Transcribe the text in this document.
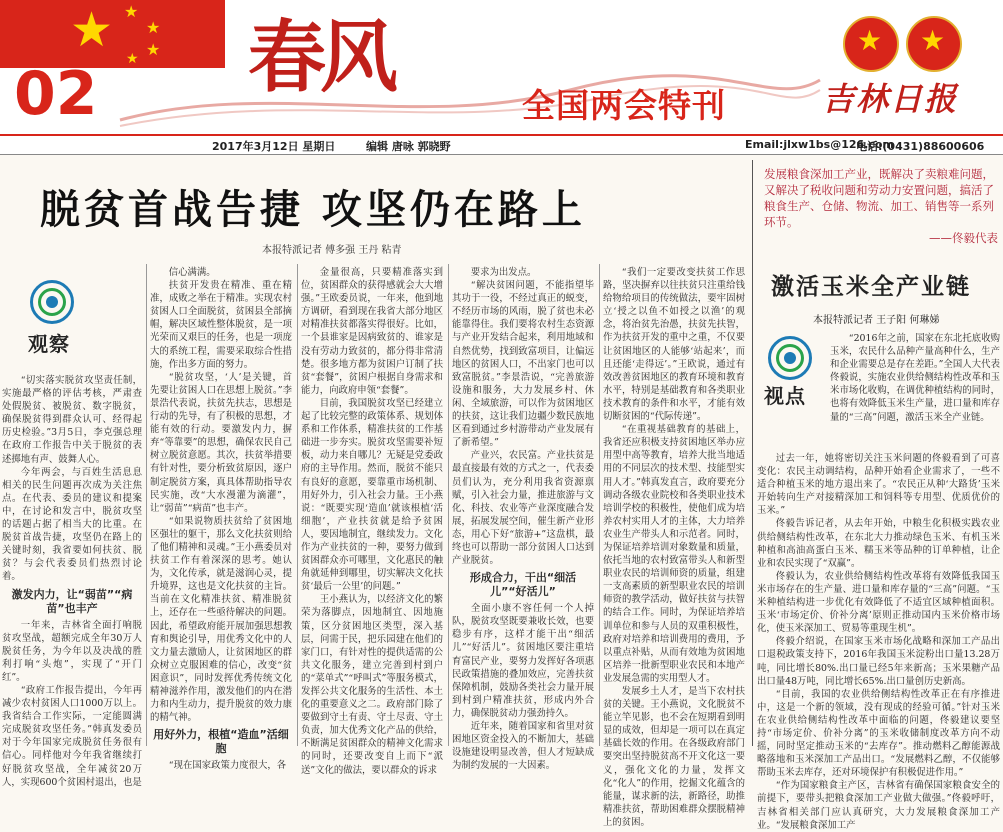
★ ★
★
★
★
02 春风
全国两会特刊
★ ★
吉林日报
2017年3月12日 星期日	编辑 唐咏 郭晓野	Email:jlxw1bs@126.com
电话:(0431)88600606
脱贫首战告捷 攻坚仍在路上
本报特派记者 傅多强 王丹 粘青
观察

“切实落实脱贫攻坚责任制，实施最严格的评估考核，严肃查处假脱贫、被脱贫、数字脱贫，确保脱贫得到群众认可、经得起历史检验。”3月5日，李克强总理在政府工作报告中关于脱贫的表述掷地有声、鼓舞人心。

今年两会，与百姓生活息息相关的民生问题再次成为关注焦点。在代表、委员的建议和提案中，在讨论和发言中，脱贫攻坚的话题占据了相当大的比重。在脱贫首战告捷，攻坚仍在路上的关键时刻，我省要如何扶贫、脱贫？与会代表委员们热烈讨论着。

激发内力，让“弱苗”“病苗”也丰产

一年来，吉林省全面打响脱贫攻坚战，超额完成全年30万人脱贫任务，为今年以及决战的胜利打响“头炮”，实现了“开门红”。

“政府工作报告提出，今年再减少农村贫困人口1000万以上。我省结合工作实际，一定能圆满完成脱贫攻坚任务。”韩真发委员对于今年国家完成脱贫任务很有信心。同样他对今年我省继续打好脱贫攻坚战，全年减贫20万人，实现600个贫困村退出，也是

信心满满。

扶贫开发贵在精准、重在精准，成败之举在于精准。实现农村贫困人口全面脱贫，贫困县全部摘帽，解决区域性整体脱贫，是一项光荣而又艰巨的任务，也是一项庞大的系统工程，需要采取综合性措施，作出多方面的努力。

“脱贫攻坚，‘人’是关键，首先要让贫困人口在思想上脱贫。”李景浩代表说，扶贫先扶志，思想是行动的先导，有了积极的思想，才能有效的行动。要激发内力，摒弃“等靠要”的思想，确保农民自己树立脱贫意愿。其次，扶贫举措要有针对性，要分析致贫原因，逐户制定脱贫方案，真具体帮助指导农民实施，改“大水漫灌为滴灌”，让“弱苗”“病苗”也丰产。

“如果说物质扶贫给了贫困地区强壮的躯干，那么文化扶贫则给了他们精神和灵魂。”王小燕委员对扶贫工作有着深深的思考。她认为，文化传承，就是滋润心灵，提升境界，这也是文化扶贫的主旨。当前在文化精准扶贫、精准脱贫上，还存在一些亟待解决的问题。因此，希望政府能开展加强思想教育和舆论引导，用优秀文化中的人文力量去激励人，让贫困地区的群众树立克服困难的信心，改变“贫困意识”，同时发挥优秀传统文化精神滋养作用，激发他们的内在潜力和内生动力，提升脱贫的效力康的精气神。

用好外力，根植“造血”活细胞

“现在国家政策力度很大，各

金量很高，只要精准落实到位，贫困群众的获得感就会大大增强。”王欧委员说，一年来，他到地方调研，看到现在我省大部分地区对精准扶贫都落实得很好。比如，一个县谁家是因病致贫的、谁家是没有劳动力致贫的，都分得非常清楚。很多地方都为贫困户订制了扶贫“套餐”，贫困户根据自身需求和能力，向政府申领“套餐”。

目前，我国脱贫攻坚已经建立起了比较完整的政策体系、规划体系和工作体系，精准扶贫的工作基础进一步夯实。脱贫攻坚需要补短板，动力来自哪儿？无疑是党委政府的主导作用。然而，脱贫不能只有良好的意愿，要靠重市场机制、用好外力，引入社会力量。王小燕说：“既要实现‘造血’就该根植‘活细胞’，产业扶贫就是给予贫困人，要因地制宜，继续发力。文化作为产业扶贫的一种，要努力做到贫困群众亦可哪里，文化惠民的触角就延伸到哪里，切实解决文化扶贫‘最后一公里’的问题。”

王小燕认为，以经济文化的繁荣为落脚点，因地制宜、因地施策，区分贫困地区类型，深入基层，问需于民，把乐园建在他们的家门口，有针对性的提供适需的公共文化服务，建立完善到村到户的“菜单式”“呼叫式”等服务模式，发挥公共文化服务的生活性、本土化的重要意义之二。政府部门除了要做到守土有责、守土尽责、守土负责，加大优秀文化产品的供给，不断满足贫困群众的精神文化需求的同时，还要改变自上而下“派送”文化的做法，要以群众的诉求

要求为出发点。

“解决贫困问题，不能指望毕其功于一役，不经过真正的蜕变，不经历市场的风雨，脱了贫也未必能靠得住。我们要将农村生态资源与产业开发结合起来，利用地域和自然优势，找到致富项目，让偏远地区的贫困人口，不出家门也可以致富脱贫。”李景浩说，“完善旅游设施和服务，大力发展乡村、休闲、全域旅游，可以作为贫困地区的扶贫，这让我们边疆少数民族地区看到通过乡村游带动产业发展有了新希望。”

产业兴，农民富。产业扶贫是最直接最有效的方式之一，代表委员们认为，充分利用我省资源禀赋，引入社会力量，推进旅游与文化、科技、农业等产业深度融合发展，拓展发展空间，催生新产业形态，用心下好“旅游+”这盘棋，最终也可以帮助一部分贫困人口达到产业脱贫。

形成合力，干出“细活儿”“好活儿”

全面小康不容任何一个人掉队，脱贫攻坚既要兼收长效，也要稳步有序，这样才能干出“细活儿”“好活儿”。贫困地区要注重培育富民产业，要努力发挥好各项惠民政策措施的叠加效应，完善扶贫保障机制，鼓励各类社会力量开展到村到户精准扶贫，形成内外合力，确保脱贫动力强劲持久。

近年来，随着国家和省里对贫困地区资金投入的不断加大，基础设施建设明显改善，但人才短缺成为制约发展的一大因素。

“我们一定要改变扶贫工作思路，坚决摒弃以往扶贫只注重给钱给物给项目的传统做法，要牢固树立‘授之以鱼不如授之以渔’的观念，将治贫先治愚，扶贫先扶智，作为扶贫开发的重中之重，不仅要让贫困地区的人能够‘站起来’，而且还能‘走得远’。”王欧说，通过有效改善贫困地区的教育环境和教育水平，特别是基础教育和各类职业技术教育的条件和水平，才能有效切断贫困的“代际传递”。

“在重视基础教育的基础上，我省还应积极支持贫困地区举办应用型中高等教育，培养大批当地适用的不同层次的技术型、技能型实用人才。”韩真发直言，政府要充分调动各级农业院校和各类职业技术培训学校的积极性，使他们成为培养农村实用人才的主体，大力培养农业生产带头人和示范者。同时，为保证培养培训对象数量和质量，依托当地的农村致富带头人和新型职业农民的培训师资的质量，组建一支高素质的新型职业农民的培训师资的教学活动，做好扶贫与扶智的结合工作。同时，为保证培养培训单位和参与人员的双重积极性，政府对培养和培训费用的费用，予以重点补贴，从而有效地为贫困地区培养一批新型职业农民和本地产业发展急需的实用型人才。

发展乡土人才，是当下农村扶贫的关键。王小燕说，文化脱贫不能立竿见影，也不会在短期看到明显的成效，但却是一项可以在真定基础长效的作用。在各级政府部门要突出坚持脱贫高不开文化这一要义，强化文化的力量，发挥文化“化人”的作用，挖掘文化蕴含的能量，谋求新的法，新路径，助推精准扶贫，帮助困难群众摆脱精神上的贫困。

发展粮食深加工产业，既解决了卖粮难问题，又解决了税收问题和劳动力安置问题，搞活了粮食生产、仓储、物流、加工、销售等一系列环节。
——佟毅代表
激活玉米全产业链
本报特派记者 王子阳 何琳娣
视点

“2016年之前，国家在东北托底收购玉米，农民什么品种产量高种什么，生产和企业需要总是存在差距。”全国人大代表佟毅说，实施农业供给侧结构性改革和玉米市场化收购，在调优种植结构的同时，也将有效降低玉米生产量，进口量和库存量的“三高”问题，激活玉米全产业链。

过去一年，她将密切关注玉米问题的佟毅看到了可喜变化：农民主动调结构，品种开始看企业需求了，一些不适合种植玉米的地方退出来了。“农民正从种‘大路货’玉米开始转向生产对接精深加工和饲料等专用型、优质优价的玉米。”

佟毅告诉记者，从去年开始，中粮生化积极实践农业供给侧结构性改革，在东北大力推动绿色玉米、有机玉米种植和高油高蛋白玉米、糯玉米等品种的订单种植，让企业和农民实现了“双赢”。

佟毅认为，农业供给侧结构性改革将有效降低我国玉米市场存在的生产量、进口量和库存量的“三高”问题。“玉米种植结构进一步优化有效降低了不适宜区域种植面积。玉米‘市场定价、价补分离’原则正推动国内玉米价格市场化，使玉米深加工、贸易等重现生机”。

佟毅介绍说，在国家玉米市场化战略和深加工产品出口退税政策支持下，2016年我国玉米淀粉出口量13.28万吨，同比增长80%.出口量已经5年来新高；玉米果糖产品出口量48万吨，同比增长65%.出口量创历史新高。

“目前，我国的农业供给侧结构性改革正在有序推进中，这是一个新的领域，没有现成的经验可循。”针对玉米在农业供给侧结构性改革中面临的问题，佟毅建议要坚持“市场定价、价补分离”的玉米收储制度改革方向不动摇，同时坚定推动玉米的“去库存”。推动燃料乙醇能源战略落地和玉米深加工产品出口。“发展燃料乙醇，不仅能够帮助玉米去库存，还对环境保护有积极促进作用。”

“作为国家粮食主产区，吉林省有确保国家粮食安全的前提下，要带头把粮食深加工产业做大做强。”佟毅呼吁，吉林省相关部门应认真研究，大力发展粮食深加工产业。“发展粮食深加工产
